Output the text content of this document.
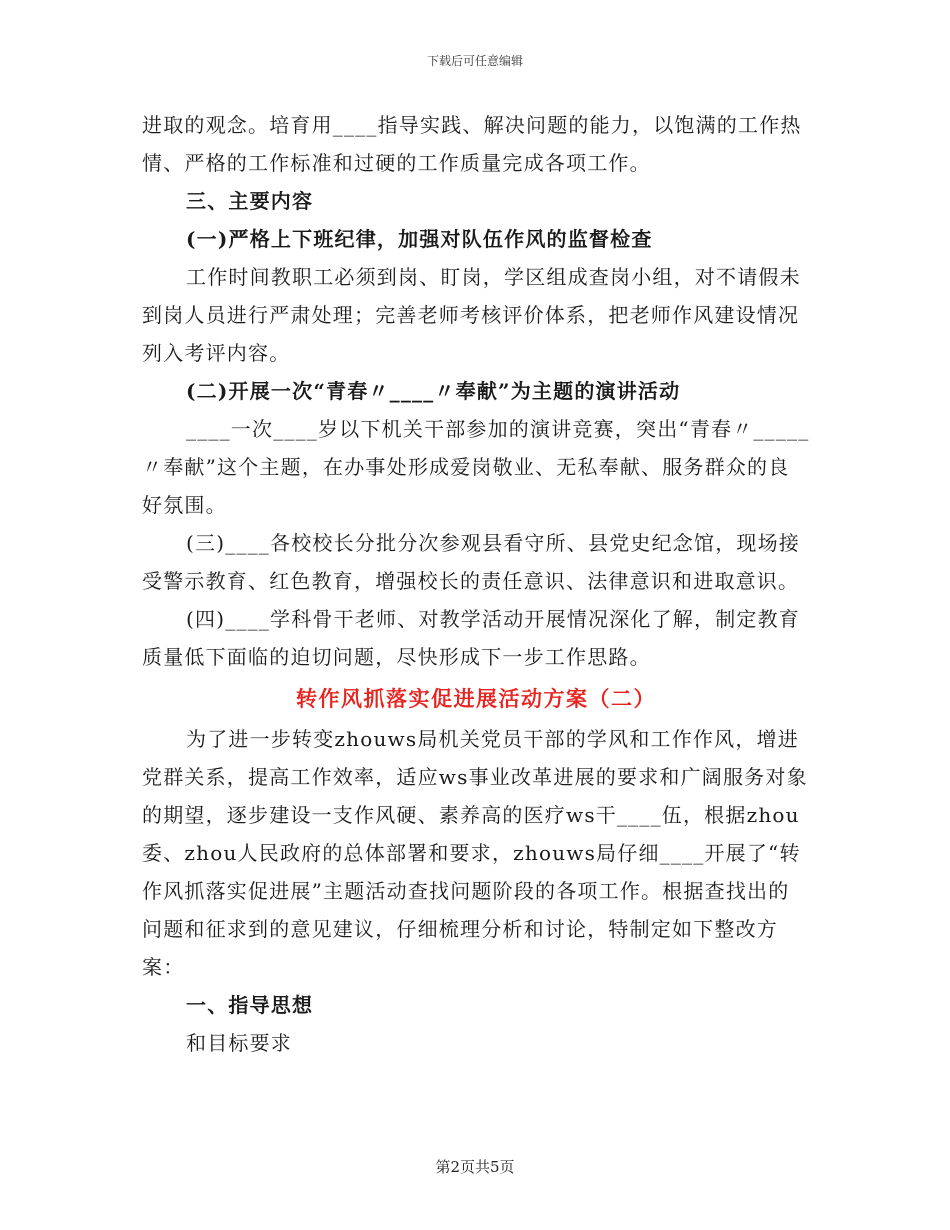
下载后可任意编辑

进取的观念。培育用____指导实践、解决问题的能力，以饱满的工作热情、严格的工作标准和过硬的工作质量完成各项工作。

三、主要内容

(一)严格上下班纪律，加强对队伍作风的监督检查

工作时间教职工必须到岗、盯岗，学区组成查岗小组，对不请假未到岗人员进行严肃处理；完善老师考核评价体系，把老师作风建设情况列入考评内容。

(二)开展一次“青春〃____〃奉献”为主题的演讲活动

____一次____岁以下机关干部参加的演讲竞赛，突出“青春〃_____〃奉献”这个主题，在办事处形成爱岗敬业、无私奉献、服务群众的良好氛围。

(三)____各校校长分批分次参观县看守所、县党史纪念馆，现场接受警示教育、红色教育，增强校长的责任意识、法律意识和进取意识。

(四)____学科骨干老师、对教学活动开展情况深化了解，制定教育质量低下面临的迫切问题，尽快形成下一步工作思路。

转作风抓落实促进展活动方案（二）

为了进一步转变zhouws局机关党员干部的学风和工作作风，增进党群关系，提高工作效率，适应ws事业改革进展的要求和广阔服务对象的期望，逐步建设一支作风硬、素养高的医疗ws干____伍，根据zhou委、zhou人民政府的总体部署和要求，zhouws局仔细____开展了“转作风抓落实促进展”主题活动查找问题阶段的各项工作。根据查找出的问题和征求到的意见建议，仔细梳理分析和讨论，特制定如下整改方案：

一、指导思想

和目标要求

第2页共5页
